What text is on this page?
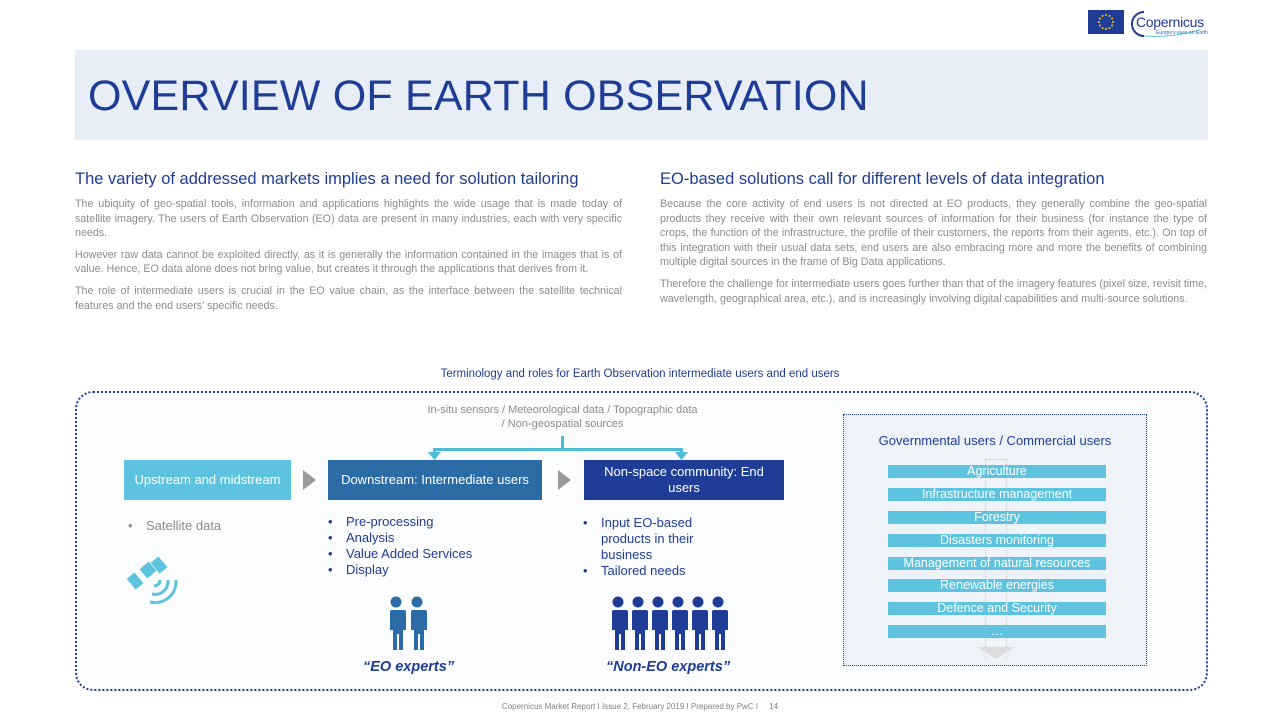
Copernicus
Europe's eyes on Earth
OVERVIEW OF EARTH OBSERVATION
The variety of addressed markets implies a need for solution tailoring

The ubiquity of geo-spatial tools, information and applications highlights the wide usage that is made today of satellite imagery. The users of Earth Observation (EO) data are present in many industries, each with very specific needs.

However raw data cannot be exploited directly, as it is generally the information contained in the images that is of value. Hence, EO data alone does not bring value, but creates it through the applications that derives from it.

The role of intermediate users is crucial in the EO value chain, as the interface between the satellite technical features and the end users’ specific needs.

EO-based solutions call for different levels of data integration

Because the core activity of end users is not directed at EO products, they generally combine the geo-spatial products they receive with their own relevant sources of information for their business (for instance the type of crops, the function of the infrastructure, the profile of their customers, the reports from their agents, etc.). On top of this integration with their usual data sets, end users are also embracing more and more the benefits of combining multiple digital sources in the frame of Big Data applications.

Therefore the challenge for intermediate users goes further than that of the imagery features (pixel size, revisit time, wavelength, geographical area, etc.), and is increasingly involving digital capabilities and multi-source solutions.

Terminology and roles for Earth Observation intermediate users and end users
In-situ sensors / Meteorological data / Topographic data
/ Non-geospatial sources
Upstream and midstream	Downstream: Intermediate users
Non-space community: End users
• Satellite data
•	Pre-processing
• Analysis
• Value Added Services
• Display
• Input EO-based products in their business
• Tailored needs
“EO experts”	“Non-EO experts”
Governmental users / Commercial users
Agriculture
Infrastructure management
Forestry
Disasters monitoring
Management of natural resources
Renewable energies
Defence and Security
…
Copernicus Market Report I Issue 2, February 2019 I Prepared by PwC I     14
